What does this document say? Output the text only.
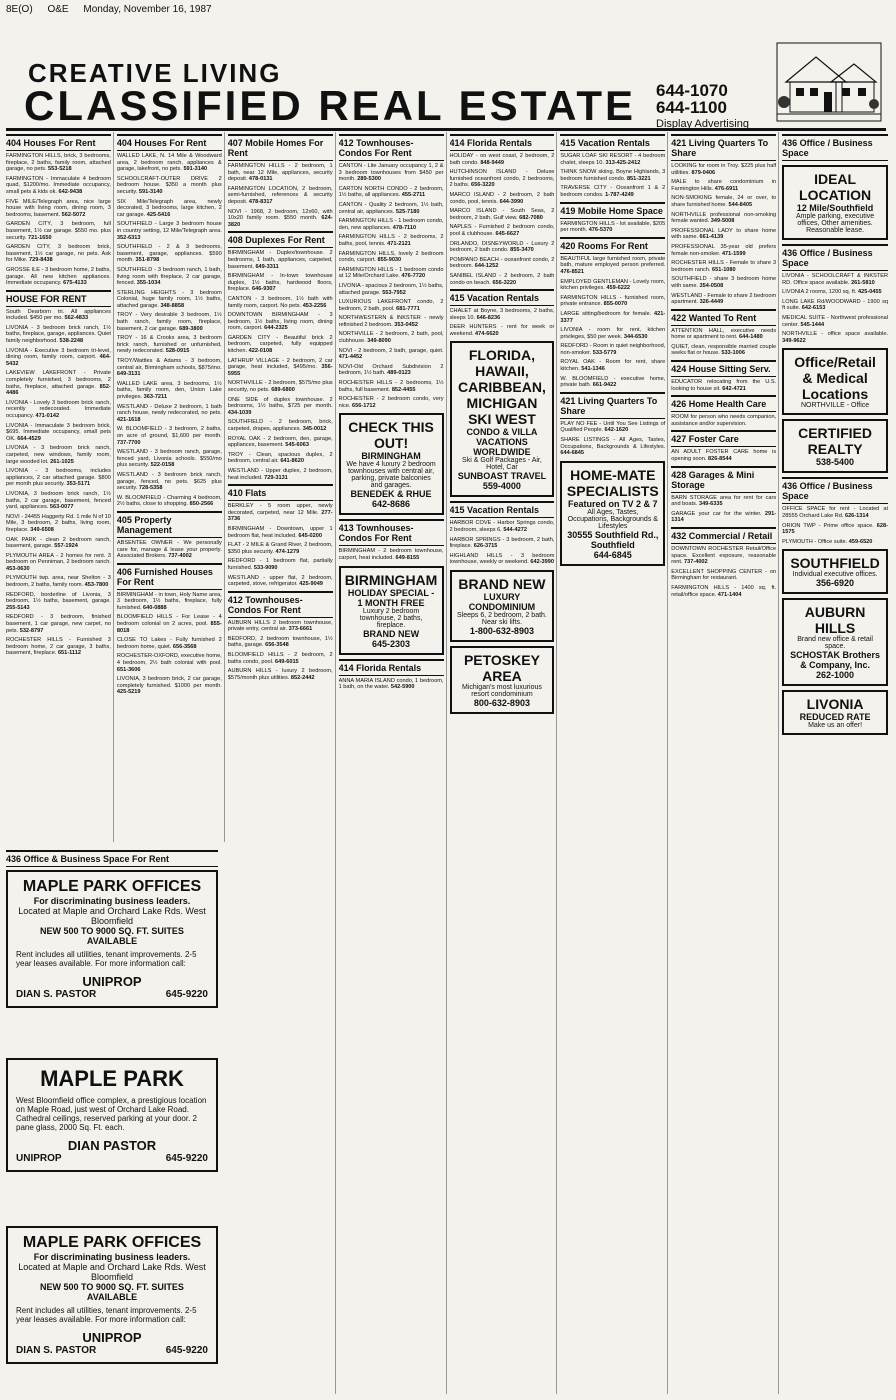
8E(O) O&E Monday, November 16, 1987
CREATIVE LIVING
CLASSIFIED REAL ESTATE 644-1070
644-1100
Display Advertising
404 Houses For Rent
FARMINGTON HILLS, brick, 3 bedrooms, fireplace, 2 baths, family room, attached garage, no pets. 553-5218
FARMINGTON - Immaculate 4 bedroom quad, $1200/mo. Immediate occupancy, small pets & kids ok. 642-9438
FIVE MILE/Telegraph area, nice large house with living room, dining room, 3 bedrooms, basement. 562-5072
GARDEN CITY, 3 bedroom, full basement, 1½ car garage. $550 mo. plus security. 721-1650
GARDEN CITY, 3 bedroom brick, basement, 1½ car garage, no pets. Ask for Mike. 729-8438
GROSSE ILE - 3 bedroom home, 2 baths, garage. All new kitchen appliances. Immediate occupancy. 675-4133
HOUSE FOR RENT
South Dearborn tri. All appliances included. $450 per mo. 562-4833
LIVONIA - 3 bedroom brick ranch, 1½ baths, fireplace, garage, appliances. Quiet family neighborhood. 538-2248
LIVONIA - Executive 3 bedroom tri-level, dining room, family room, carport. 464-5432
LAKEVIEW LAKEFRONT - Private completely furnished, 3 bedrooms, 2 baths, fireplace, attached garage. 852-4486
LIVONIA - Lovely 3 bedroom brick ranch, recently redecorated. Immediate occupancy. 471-0142
LIVONIA - Immaculate 3 bedroom brick, $695. Immediate occupancy, small pets OK. 664-4529
LIVONIA - 3 bedroom brick ranch, carpeted, new windows, family room, large wooded lot. 261-1025
LIVONIA - 3 bedrooms, includes appliances, 2 car attached garage. $800 per month plus security. 353-5171
LIVONIA, 3 bedroom brick ranch, 1½ baths, 2 car garage, basement, fenced yard, appliances. 563-0077
NOVI - 24455 Haggerty Rd. 1 mile N of 10 Mile, 3 bedroom, 2 baths, living room, fireplace. 349-6508
OAK PARK - clean 2 bedroom ranch, basement, garage. 557-1924
PLYMOUTH AREA - 2 homes for rent. 3 bedroom on Penniman, 2 bedroom ranch. 453-0630
PLYMOUTH twp. area, near Shelton - 3 bedroom, 2 baths, family room. 453-7800
REDFORD, borderline of Livonia, 3 bedroom, 1½ baths, basement, garage. 255-5143
REDFORD - 3 bedroom, finished basement, 1 car garage, new carpet, no pets. 532-8797
ROCHESTER HILLS - Furnished 3 bedroom home, 2 car garage, 3 baths, basement, fireplace. 651-1112
404 Houses For Rent
WALLED LAKE, N. 14 Mile & Woodward area, 2 bedroom ranch, appliances & garage, lakefront, no pets. 591-3140
SCHOOLCRAFT-OUTER DRIVE 2 bedroom house. $350 a month plus security. 591-3140
SIX Mile/Telegraph area, newly decorated, 3 bedrooms, large kitchen, 2 car garage. 425-5416
SOUTHFIELD - Large 3 bedroom house in country setting, 12 Mile/Telegraph area. 352-6313
SOUTHFIELD - 2 & 3 bedrooms, basement, garage, appliances. $590 month. 351-8798
SOUTHFIELD - 3 bedroom ranch, 1 bath, living room with fireplace, 2 car garage, fenced. 355-1034
STERLING HEIGHTS - 3 bedroom Colonial, huge family room, 1½ baths, attached garage. 348-8858
TROY - Very desirable 3 bedroom, 1½ bath ranch, family room, fireplace, basement, 2 car garage. 689-3800
TROY - 16 & Crooks area, 3 bedroom brick ranch, furnished or unfurnished, newly redecorated. 528-0915
TROY/Wattles & Adams - 3 bedroom, central air, Birmingham schools, $875/mo. 649-3131
WALLED LAKE area, 3 bedrooms, 1½ baths, family room, den, Union Lake privileges. 363-7211
WESTLAND - Deluxe 2 bedroom, 1 bath ranch house, newly redecorated, no pets. 421-1618
W. BLOOMFIELD - 3 bedroom, 2 baths, on acre of ground, $1,600 per month. 737-7700
WESTLAND - 3 bedroom ranch, garage, fenced yard, Livonia schools. $550/mo plus security. 522-0158
WESTLAND - 3 bedroom brick ranch, garage, fenced, no pets. $625 plus security. 728-5358
W. BLOOMFIELD - Charming 4 bedroom, 2½ baths, close to shopping. 850-2566
405 Property Management
ABSENTEE OWNER - We personally care for, manage & lease your property. Associated Brokers. 737-4002
406 Furnished Houses For Rent
BIRMINGHAM - in town, Holy Name area, 3 bedroom, 1½ baths, fireplace, fully furnished. 640-0888
BLOOMFIELD HILLS - For Lease - 4 bedroom colonial on 2 acres, pool. 855-8018
CLOSE TO Lakes - Fully furnished 2 bedroom home, quiet. 656-3568
ROCHESTER-OXFORD, executive home, 4 bedroom, 2½ bath colonial with pool. 651-3606
LIVONIA, 3 bedroom brick, 2 car garage, completely furnished. $1000 per month. 425-5219
407 Mobile Homes For Rent
FARMINGTON HILLS - 2 bedroom, 1 bath, near 12 Mile, appliances, security deposit. 478-0131
FARMINGTON LOCATION, 2 bedroom, semi-furnished, references & security deposit. 478-8317
NOVI - 1968, 2 bedroom, 12x60, with 10x20 family room. $550 month. 624-3820
408 Duplexes For Rent
BIRMINGHAM - Duplex/townhouse. 2 bedrooms, 1 bath, appliances, carpeted, basement. 649-3311
BIRMINGHAM - In-town townhouse duplex, 1½ baths, hardwood floors, fireplace. 646-9307
CANTON - 3 bedroom, 1½ bath with family room, carport. No pets. 453-2256
DOWNTOWN BIRMINGHAM - 3 bedroom, 1½ baths, living room, dining room, carport. 644-2325
GARDEN CITY - Beautiful brick 2 bedroom, carpeted, fully equipped kitchen. 422-0108
LATHRUP VILLAGE - 2 bedroom, 2 car garage, heat included, $495/mo. 356-5955
NORTHVILLE - 2 bedroom, $575/mo plus security, no pets. 689-6800
ONE SIDE of duplex townhouse. 2 bedrooms, 1½ baths, $725 per month. 434-1039
SOUTHFIELD - 2 bedroom, brick, carpeted, drapes, appliances. 345-0012
ROYAL OAK - 2 bedroom, den, garage, appliances, basement. 545-6063
TROY - Clean, spacious duplex, 2 bedroom, central air. 641-8620
WESTLAND - Upper duplex, 2 bedroom, heat included. 729-3131
410 Flats
BERKLEY - 5 room upper, newly decorated, carpeted, near 12 Mile. 277-3736
BIRMINGHAM - Downtown, upper 1 bedroom flat, heat included. 645-0200
FLAT - 2 MILE & Grand River, 2 bedroom, $350 plus security. 474-1279
REDFORD - 1 bedroom flat, partially furnished. 533-9090
WESTLAND - upper flat, 2 bedroom, carpeted, stove, refrigerator. 425-9049
412 Townhouses-Condos For Rent
AUBURN HILLS 2 bedroom townhouse, private entry, central air. 373-6661
BEDFORD, 2 bedroom townhouse, 1½ baths, garage. 656-3548
BLOOMFIELD HILLS - 2 bedroom, 2 baths condo, pool. 649-6015
AUBURN HILLS - luxury 2 bedroom, $575/month plus utilities. 852-2442
412 Townhouses-Condos For Rent
CANTON - Lite January occupancy 1, 2 & 3 bedroom townhouses from $450 per month. 289-5300
CARTON NORTH CONDO - 2 bedroom, 1½ baths, all appliances. 455-2711
CANTON - Quality 2 bedroom, 1½ bath, central air, appliances. 525-7180
FARMINGTON HILLS - 1 bedroom condo, den, new appliances. 478-7110
FARMINGTON HILLS - 2 bedrooms, 2 baths, pool, tennis. 471-2121
FARMINGTON HILLS, lovely 2 bedroom condo, carport. 855-9030
FARMINGTON HILLS - 1 bedroom condo at 12 Mile/Orchard Lake. 476-7720
LIVONIA - spacious 2 bedroom, 1½ baths, attached garage. 553-7952
LUXURIOUS LAKEFRONT condo, 2 bedroom, 2 bath, pool. 681-7771
NORTHWESTERN & INKSTER - newly refinished 2 bedroom. 353-0452
NORTHVILLE - 2 bedroom, 2 bath, pool, clubhouse. 349-8090
NOVI - 2 bedroom, 2 bath, garage, quiet. 471-4452
NOVI-Old Orchard Subdivision 2 bedroom, 1½ bath. 489-0123
ROCHESTER HILLS - 2 bedrooms, 1½ baths, full basement. 852-4455
ROCHESTER - 2 bedroom condo, very nice. 656-1712
CHECK THIS OUT!
BIRMINGHAM
We have 4 luxury 2 bedroom townhouses with central air, parking, private balconies and garages.
BENEDEK & RHUE
642-8686
413 Townhouses-Condos For Rent
BIRMINGHAM - 2 bedroom townhouse, carport, heat included. 649-8155
BIRMINGHAM
HOLIDAY SPECIAL - 1 MONTH FREE
Luxury 2 bedroom townhouse, 2 baths, fireplace.
BRAND NEW
645-2303
414 Florida Rentals
ANNA MARIA ISLAND condo, 1 bedroom, 1 bath, on the water. 542-5900
414 Florida Rentals
HOLIDAY - on west coast, 2 bedroom, 2 bath condo. 848-9449
HUTCHINSON ISLAND - Deluxe furnished oceanfront condo, 2 bedrooms, 2 baths. 656-3220
MARCO ISLAND - 2 bedroom, 2 bath condo, pool, tennis. 644-3990
MARCO ISLAND - South Seas, 2 bedroom, 2 bath, Gulf view. 682-7080
NAPLES - Furnished 2 bedroom condo, pool & clubhouse. 645-6627
ORLANDO, DISNEYWORLD - Luxury 2 bedroom, 2 bath condo. 855-3470
POMPANO BEACH - oceanfront condo, 2 bedroom. 644-1252
SANIBEL ISLAND - 2 bedroom, 2 bath condo on beach. 656-3220
415 Vacation Rentals
CHALET at Boyne, 3 bedrooms, 2 baths, sleeps 10. 646-8236
DEER HUNTERS - rent for week or weekend. 474-6620
FLORIDA, HAWAII, CARIBBEAN, MICHIGAN SKI WEST
CONDO & VILLA VACATIONS WORLDWIDE
Ski & Golf Packages - Air, Hotel, Car
SUNBOAST TRAVEL
559-4000
415 Vacation Rentals
HARBOR COVE - Harbor Springs condo, 2 bedroom, sleeps 6. 544-4272
HARBOR SPRINGS - 3 bedroom, 2 bath, fireplace. 626-3715
HIGHLAND HILLS - 3 bedroom townhouse, weekly or weekend. 642-3990
BRAND NEW
LUXURY CONDOMINIUM
Sleeps 6, 2 bedroom, 2 bath. Near ski lifts.
1-800-632-8903
PETOSKEY AREA
Michigan's most luxurious resort condominium
800-632-8903
415 Vacation Rentals
SUGAR LOAF SKI RESORT - 4 bedroom chalet, sleeps 10. 313-425-2412
THINK SNOW skiing, Boyne Highlands, 3 bedroom furnished condo. 851-3221
TRAVERSE CITY - Oceanfront 1 & 2 bedroom condos. 1-787-4249
419 Mobile Home Space
FARMINGTON HILLS - lot available, $205 per month. 476-5370
420 Rooms For Rent
BEAUTIFUL large furnished room, private bath, mature employed person preferred. 476-8521
EMPLOYED GENTLEMAN - Lovely room, kitchen privileges. 459-6222
FARMINGTON HILLS - furnished room, private entrance. 855-0070
LARGE sitting/bedroom for female. 421-3377
LIVONIA - room for rent, kitchen privileges, $50 per week. 344-6530
REDFORD - Room in quiet neighborhood, non-smoker. 533-5779
ROYAL OAK - Room for rent, share kitchen. 541-1346
W. BLOOMFIELD - executive home, private bath. 661-9422
421 Living Quarters To Share
PLAY NO FEE - Until You See Listings of Qualified People. 642-1620
SHARE LISTINGS - All Ages, Tastes, Occupations, Backgrounds & Lifestyles. 644-6845
HOME-MATE SPECIALISTS
Featured on TV 2 & 7
All Ages, Tastes, Occupations, Backgrounds & Lifestyles
30555 Southfield Rd., Southfield
644-6845
421 Living Quarters To Share
LOOKING for room in Troy. $225 plus half utilities. 879-0406
MALE to share condominium in Farmington Hills. 476-6911
NON-SMOKING female, 24 or over, to share furnished home. 544-8405
NORTHVILLE professional non-smoking female wanted. 349-5008
PROFESSIONAL LADY to share home with same. 661-4139
PROFESSIONAL 35-year old prefers female non-smoker. 471-1599
ROCHESTER HILLS - Female to share 3 bedroom ranch. 651-1080
SOUTHFIELD - share 3 bedroom home with same. 354-0508
WESTLAND - Female to share 2 bedroom apartment. 326-4449
422 Wanted To Rent
ATTENTION HALL, executive needs home or apartment to rent. 644-1480
QUIET, clean, responsible married couple seeks flat or house. 533-1006
424 House Sitting Serv.
EDUCATOR relocating from the U.S. looking to house sit. 642-4721
426 Home Health Care
ROOM for person who needs companion, assistance and/or supervision.
427 Foster Care
AN ADULT FOSTER CARE home is opening soon. 826-8544
428 Garages & Mini Storage
BARN STORAGE area for rent for cars and boats. 349-6335
GARAGE your car for the winter. 291-1314
432 Commercial / Retail
DOWNTOWN ROCHESTER Retail/Office space. Excellent exposure, reasonable rent. 737-4002
EXCELLENT SHOPPING CENTER - on Birmingham for restaurant.
FARMINGTON HILLS - 1400 sq. ft. retail/office space. 471-1404
436 Office / Business Space
IDEAL LOCATION
12 Mile/Southfield
Ample parking, executive offices, Other amenities. Reasonable lease.
436 Office / Business Space
LIVONIA - SCHOOLCRAFT & INKSTER RD. Office space available. 261-5810
LIVONIA 2 rooms, 1200 sq. ft. 425-0455
LONG LAKE Rd/WOODWARD - 1900 sq ft suite. 642-6153
MEDICAL SUITE - Northwest professional center. 545-1444
NORTHVILLE - office space available. 349-9622
Office/Retail & Medical Locations
NORTHVILLE - Office
CERTIFIED REALTY
538-5400
436 Office / Business Space
OFFICE SPACE for rent - Located at 28555 Orchard Lake Rd. 626-1314
ORION TWP - Prime office space. 628-1575
PLYMOUTH - Office suite. 459-6520
SOUTHFIELD
Individual executive offices.
356-6920
AUBURN HILLS
Brand new office & retail space.
SCHOSTAK Brothers & Company, Inc.
262-1000
LIVONIA
REDUCED RATE
Make us an offer!
MAPLE PARK OFFICES
For discriminating business leaders.
Located at Maple and Orchard Lake Rds. West Bloomfield
NEW 500 TO 9000 SQ. FT. SUITES AVAILABLE
Rent includes all utilities, tenant improvements. 2-5 year leases available. For more information call:
UNIPROP
DIAN S. PASTOR	645-9220
MAPLE PARK
West Bloomfield office complex, a prestigious location on Maple Road, just west of Orchard Lake Road. Cathedral ceilings, reserved parking at your door. 2 pane glass, 2000 Sq. Ft. each.
DIAN PASTOR
UNIPROP	645-9220
MAPLE PARK OFFICES
For discriminating business leaders.
Located at Maple and Orchard Lake Rds. West Bloomfield
NEW 500 TO 9000 SQ. FT. SUITES AVAILABLE
Rent includes all utilities, tenant improvements. 2-5 year leases available. For more information call:
UNIPROP
DIAN S. PASTOR	645-9220
436 Office & Business Space For Rent
